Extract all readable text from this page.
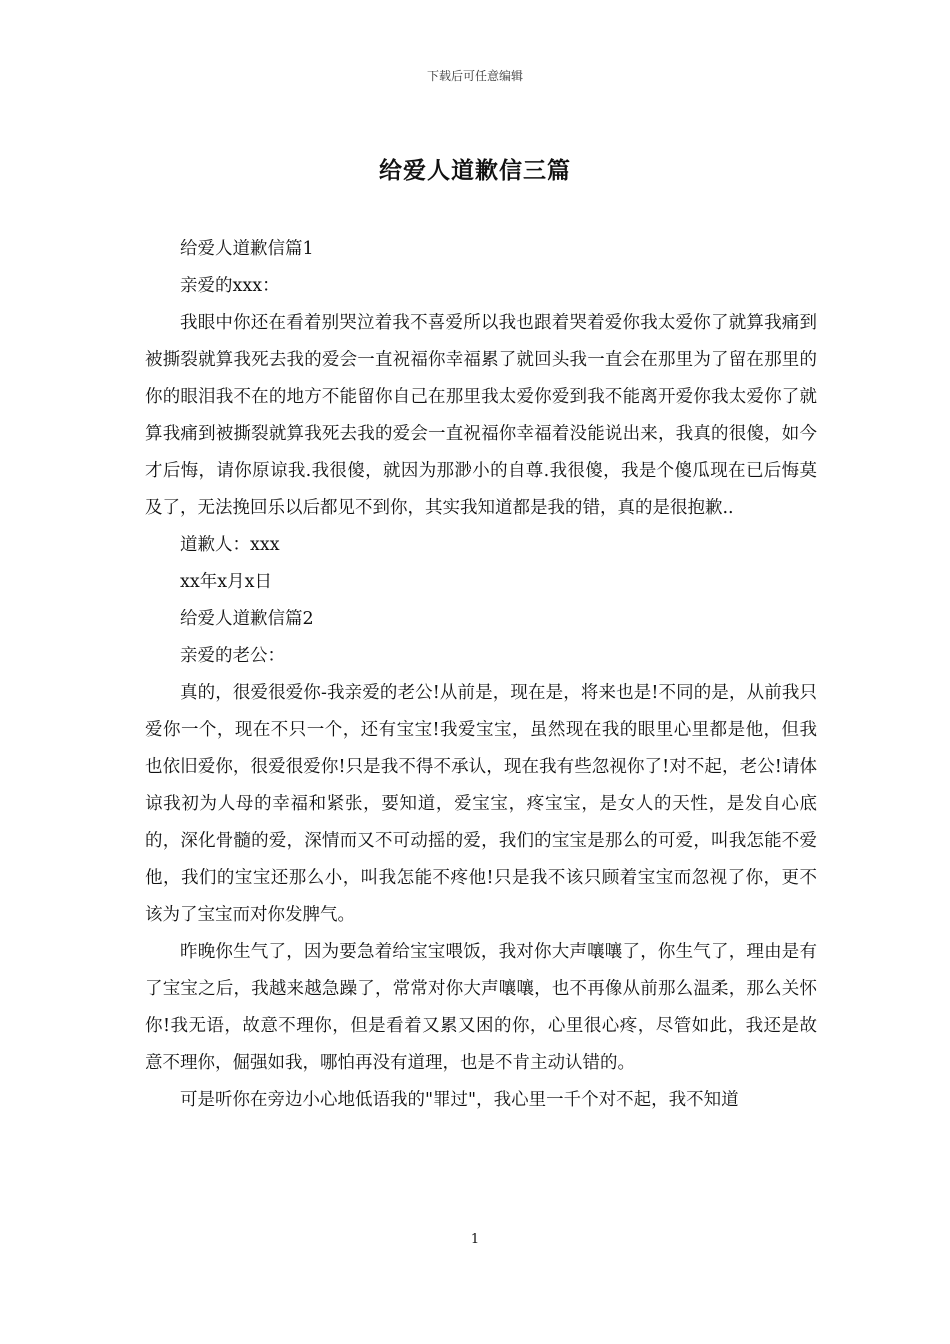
下载后可任意编辑
给爱人道歉信三篇

给爱人道歉信篇1

亲爱的xxx：

我眼中你还在看着别哭泣着我不喜爱所以我也跟着哭着爱你我太爱你了就算我痛到被撕裂就算我死去我的爱会一直祝福你幸福累了就回头我一直会在那里为了留在那里的你的眼泪我不在的地方不能留你自己在那里我太爱你爱到我不能离开爱你我太爱你了就算我痛到被撕裂就算我死去我的爱会一直祝福你幸福着没能说出来，我真的很傻，如今才后悔，请你原谅我.我很傻，就因为那渺小的自尊.我很傻，我是个傻瓜现在已后悔莫及了，无法挽回乐以后都见不到你，其实我知道都是我的错，真的是很抱歉..

道歉人：xxx

xx年x月x日

给爱人道歉信篇2

亲爱的老公：

真的，很爱很爱你-我亲爱的老公!从前是，现在是，将来也是!不同的是，从前我只爱你一个，现在不只一个，还有宝宝!我爱宝宝，虽然现在我的眼里心里都是他，但我也依旧爱你，很爱很爱你!只是我不得不承认，现在我有些忽视你了!对不起，老公!请体谅我初为人母的幸福和紧张，要知道，爱宝宝，疼宝宝，是女人的天性，是发自心底的，深化骨髓的爱，深情而又不可动摇的爱，我们的宝宝是那么的可爱，叫我怎能不爱他，我们的宝宝还那么小，叫我怎能不疼他!只是我不该只顾着宝宝而忽视了你，更不该为了宝宝而对你发脾气。

昨晚你生气了，因为要急着给宝宝喂饭，我对你大声嚷嚷了，你生气了，理由是有了宝宝之后，我越来越急躁了，常常对你大声嚷嚷，也不再像从前那么温柔，那么关怀你!我无语，故意不理你，但是看着又累又困的你，心里很心疼，尽管如此，我还是故意不理你，倔强如我，哪怕再没有道理，也是不肯主动认错的。

可是听你在旁边小心地低语我的"罪过"，我心里一千个对不起，我不知道

1
